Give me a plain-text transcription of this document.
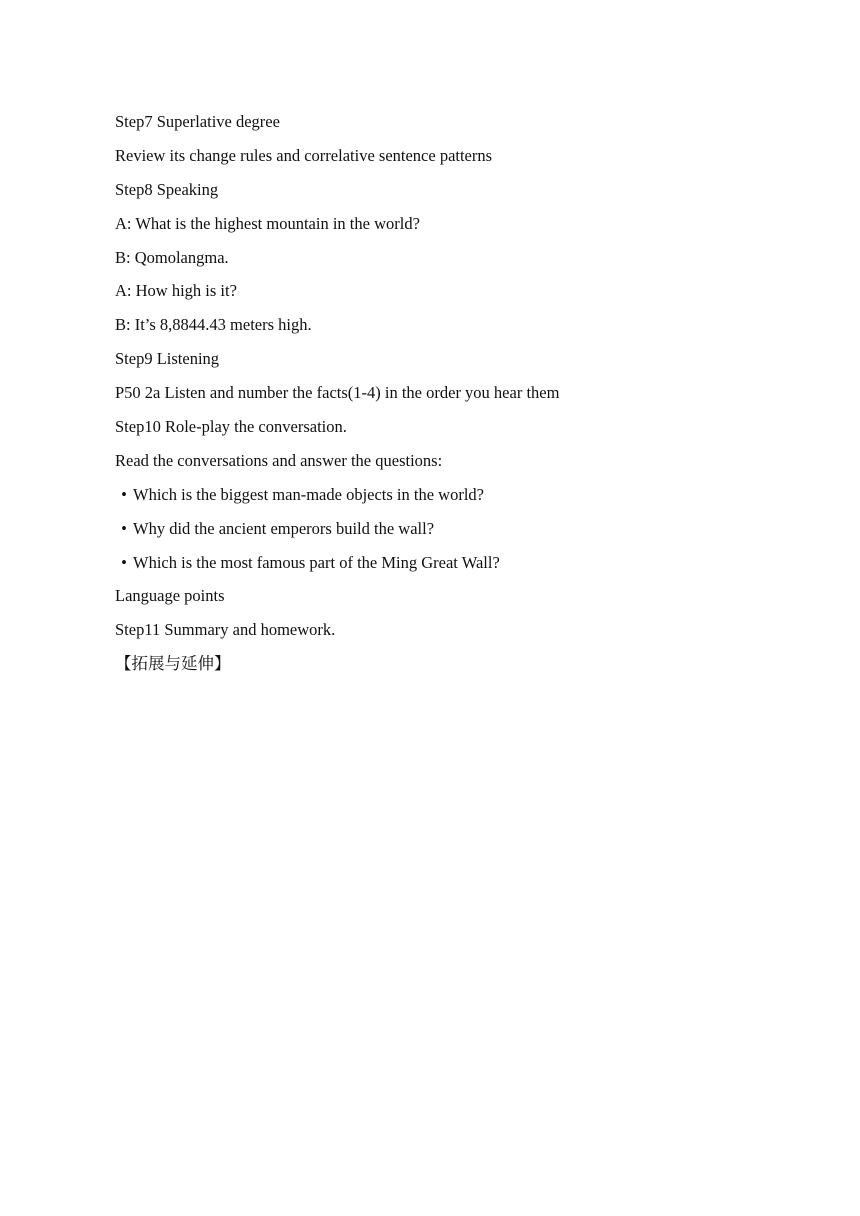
Step7 Superlative degree
Review its change rules and correlative sentence patterns
Step8 Speaking
A: What is the highest mountain in the world?
B: Qomolangma.
A: How high is it?
B: It’s 8,8844.43 meters high.
Step9 Listening
P50 2a Listen and number the facts(1-4) in the order you hear them
Step10 Role-play the conversation.
Read the conversations and answer the questions:
• Which is the biggest man-made objects in the world?
• Why did the ancient emperors build the wall?
• Which is the most famous part of the Ming Great Wall?
Language points
Step11 Summary and homework.
【拓展与延伸】
